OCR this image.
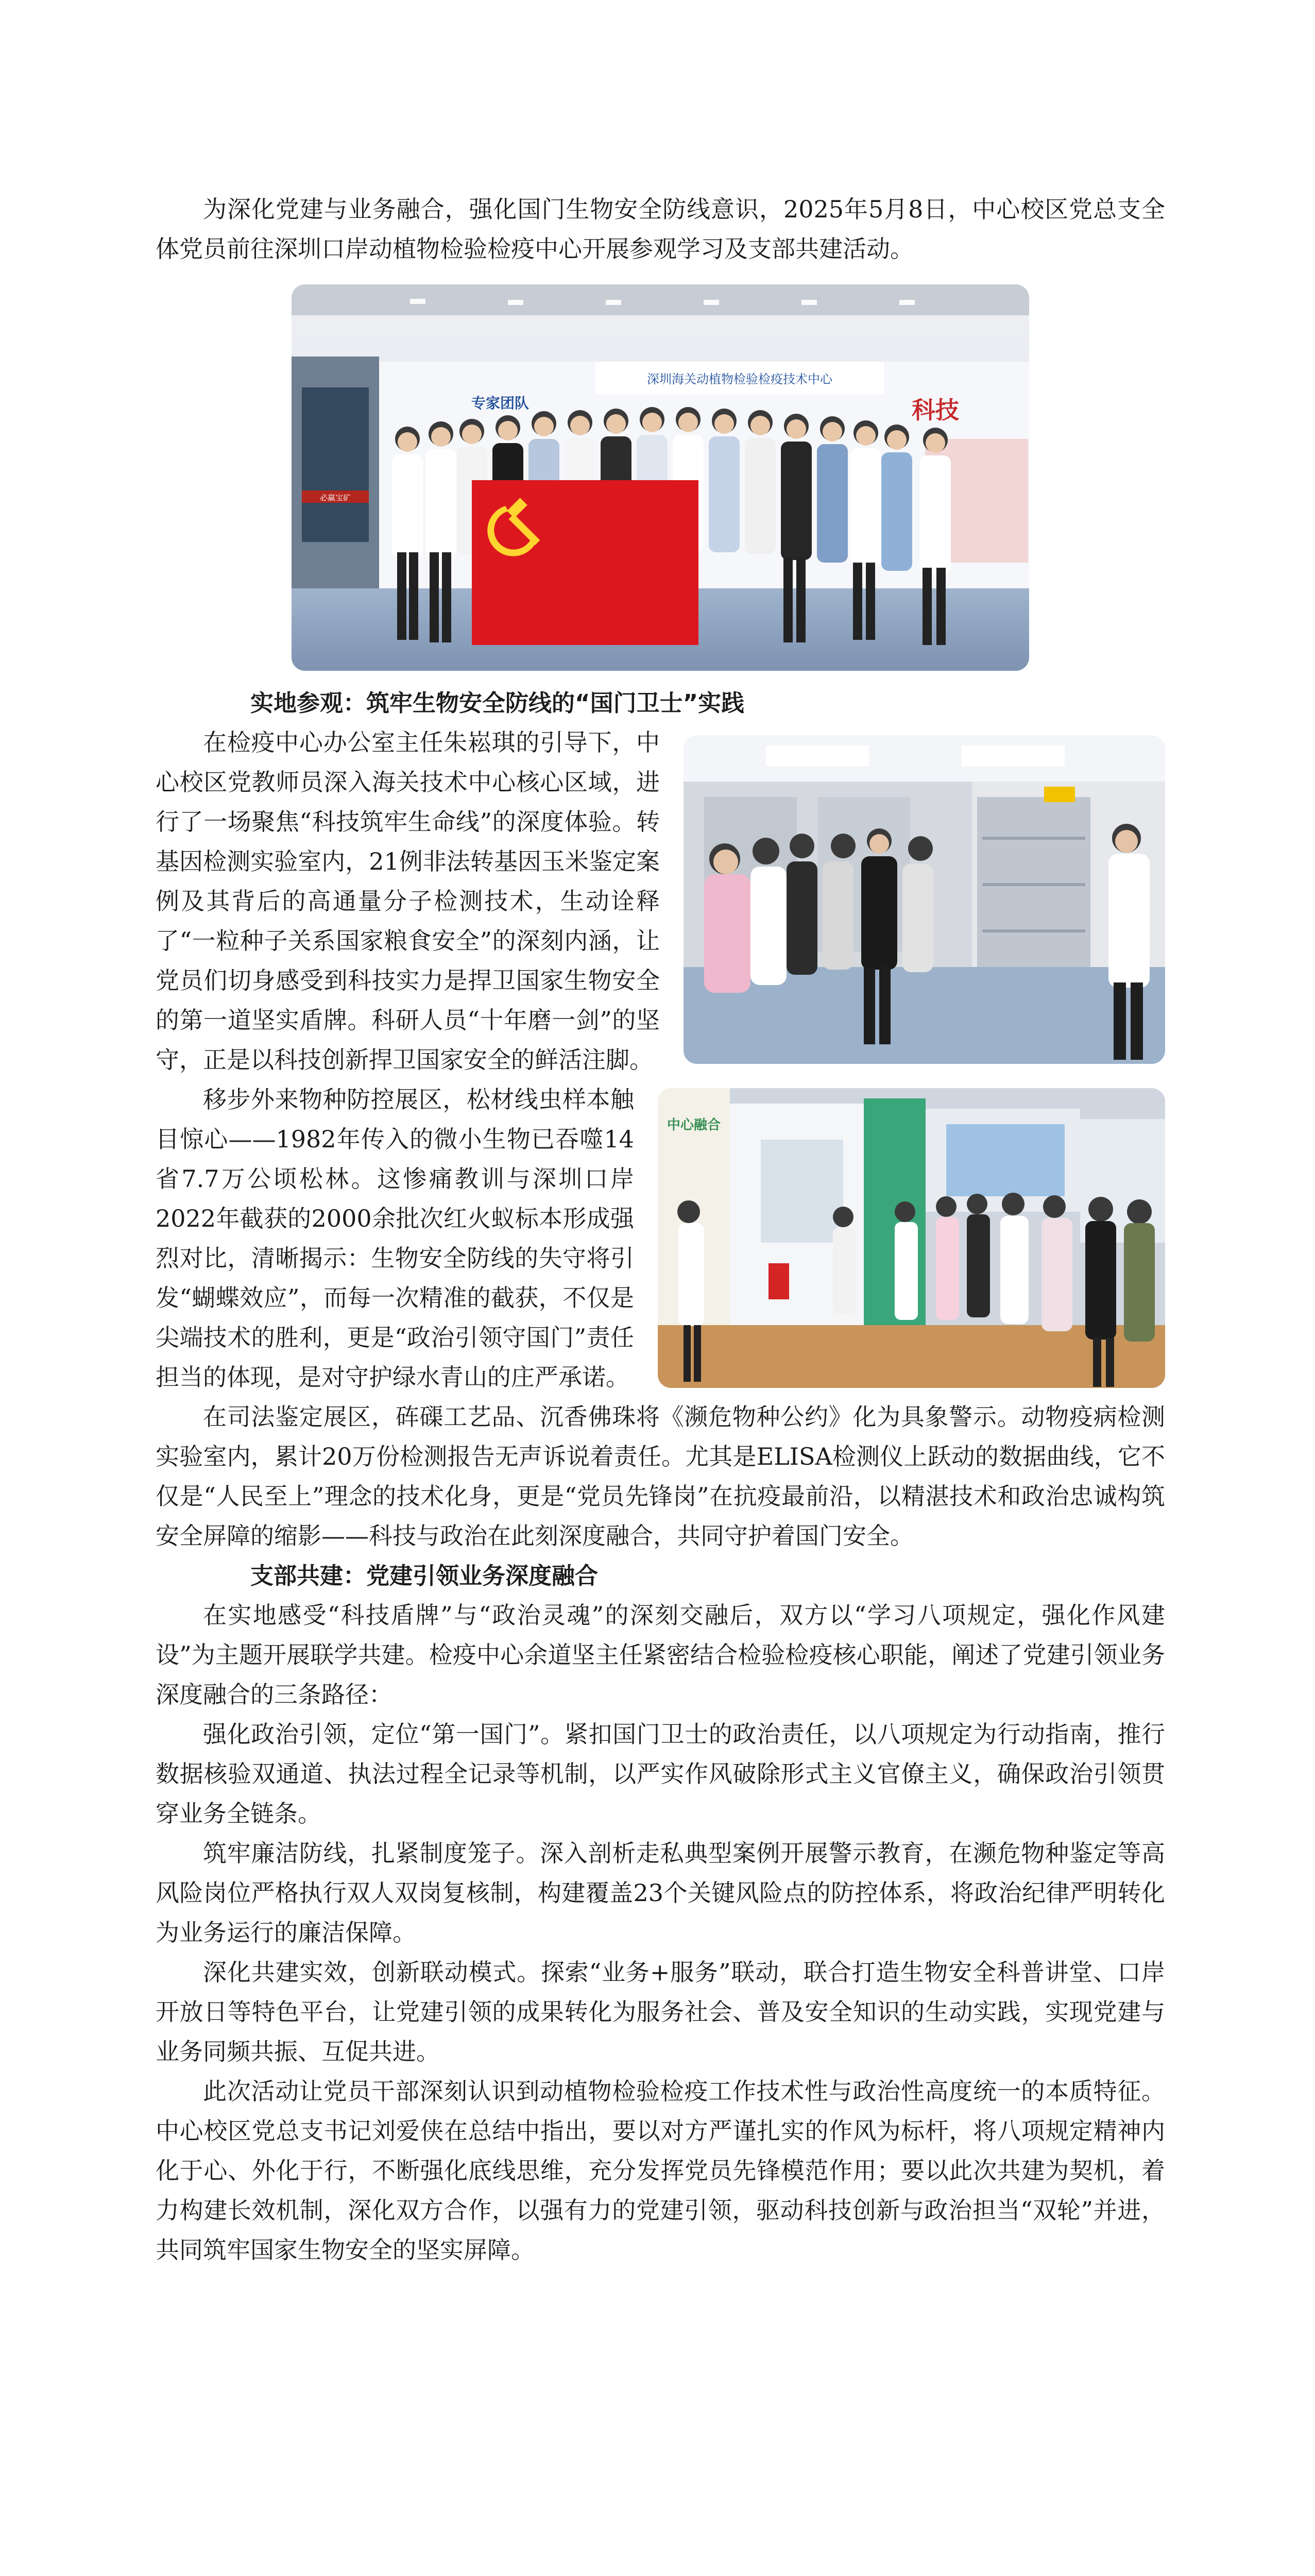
为深化党建与业务融合，强化国门生物安全防线意识，2025年5月8日，中心校区党总支全体党员前往深圳口岸动植物检验检疫中心开展参观学习及支部共建活动。

深圳海关动植物检验检疫技术中心
专家团队	科技
必赢宝矿

实地参观：筑牢生物安全防线的“国门卫士”实践

在检疫中心办公室主任朱崧琪的引导下，中心校区党教师员深入海关技术中心核心区域，进行了一场聚焦“科技筑牢生命线”的深度体验。转基因检测实验室内，21例非法转基因玉米鉴定案例及其背后的高通量分子检测技术，生动诠释了“一粒种子关系国家粮食安全”的深刻内涵，让党员们切身感受到科技实力是捍卫国家生物安全的第一道坚实盾牌。科研人员“十年磨一剑”的坚守，正是以科技创新捍卫国家安全的鲜活注脚。

中心融合

移步外来物种防控展区，松材线虫样本触目惊心——1982年传入的微小生物已吞噬14省7.7万公顷松林。这惨痛教训与深圳口岸2022年截获的2000余批次红火蚁标本形成强烈对比，清晰揭示：生物安全防线的失守将引发“蝴蝶效应”，而每一次精准的截获，不仅是尖端技术的胜利，更是“政治引领守国门”责任担当的体现，是对守护绿水青山的庄严承诺。

在司法鉴定展区，砗磲工艺品、沉香佛珠将《濒危物种公约》化为具象警示。动物疫病检测实验室内，累计20万份检测报告无声诉说着责任。尤其是ELISA检测仪上跃动的数据曲线，它不仅是“人民至上”理念的技术化身，更是“党员先锋岗”在抗疫最前沿，以精湛技术和政治忠诚构筑安全屏障的缩影——科技与政治在此刻深度融合，共同守护着国门安全。

支部共建：党建引领业务深度融合

在实地感受“科技盾牌”与“政治灵魂”的深刻交融后，双方以“学习八项规定，强化作风建设”为主题开展联学共建。检疫中心余道坚主任紧密结合检验检疫核心职能，阐述了党建引领业务深度融合的三条路径：

强化政治引领，定位“第一国门”。紧扣国门卫士的政治责任，以八项规定为行动指南，推行数据核验双通道、执法过程全记录等机制，以严实作风破除形式主义官僚主义，确保政治引领贯穿业务全链条。

筑牢廉洁防线，扎紧制度笼子。深入剖析走私典型案例开展警示教育，在濒危物种鉴定等高风险岗位严格执行双人双岗复核制，构建覆盖23个关键风险点的防控体系，将政治纪律严明转化为业务运行的廉洁保障。

深化共建实效，创新联动模式。探索“业务+服务”联动，联合打造生物安全科普讲堂、口岸开放日等特色平台，让党建引领的成果转化为服务社会、普及安全知识的生动实践，实现党建与业务同频共振、互促共进。

此次活动让党员干部深刻认识到动植物检验检疫工作技术性与政治性高度统一的本质特征。中心校区党总支书记刘爱侠在总结中指出，要以对方严谨扎实的作风为标杆，将八项规定精神内化于心、外化于行，不断强化底线思维，充分发挥党员先锋模范作用；要以此次共建为契机，着力构建长效机制，深化双方合作，以强有力的党建引领，驱动科技创新与政治担当“双轮”并进，共同筑牢国家生物安全的坚实屏障。
